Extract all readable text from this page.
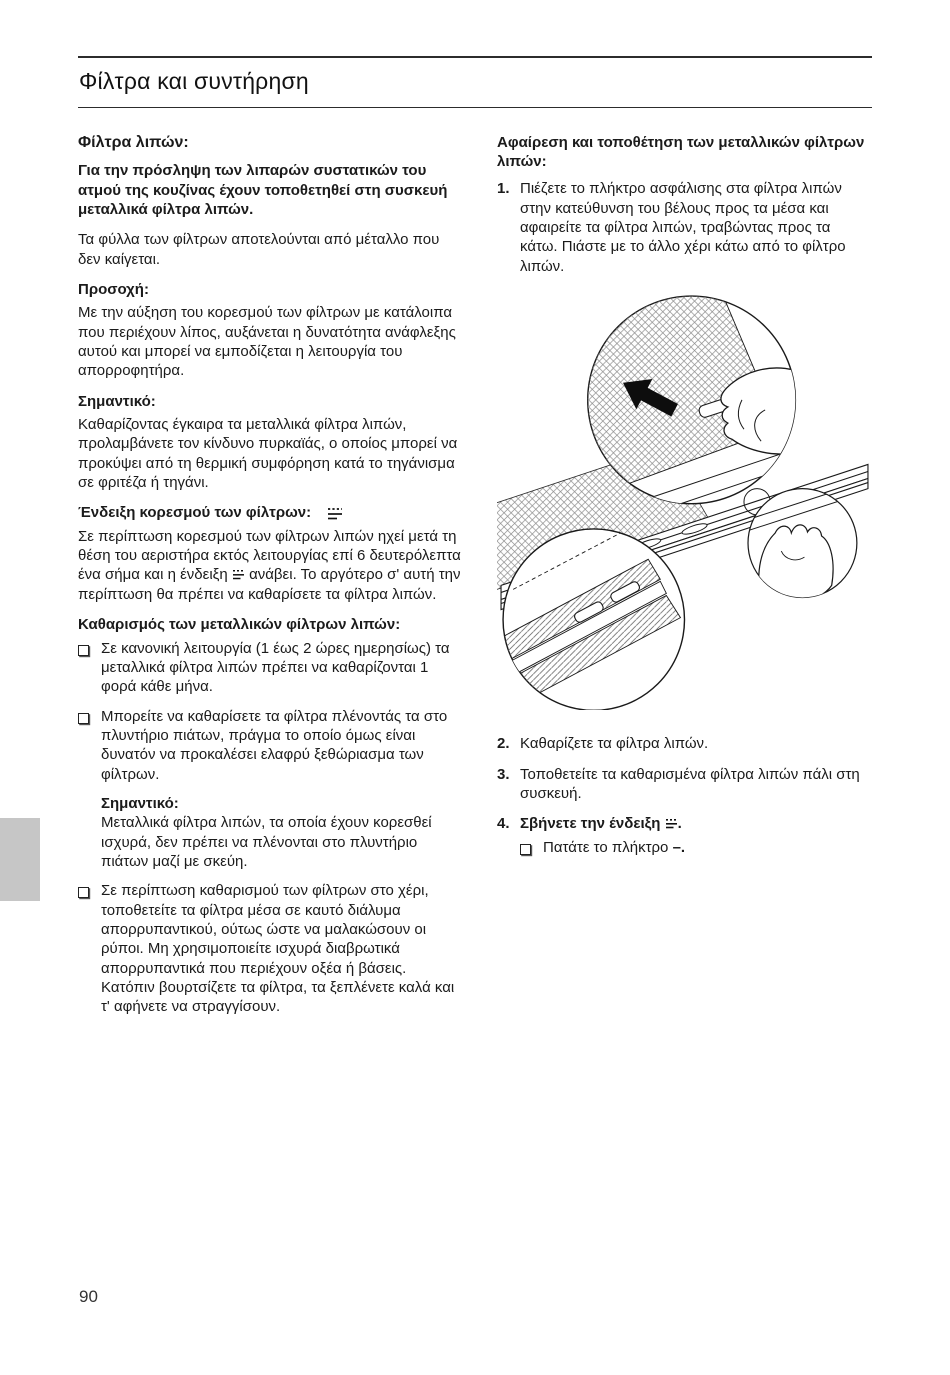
Φίλτρα και συντήρηση
Φίλτρα λιπών:

Για την πρόσληψη των λιπαρών συστατικών του ατμού της κουζίνας έχουν τοποθετηθεί στη συσκευή μεταλλικά φίλτρα λιπών.

Τα φύλλα των φίλτρων αποτελούνται από μέταλλο που δεν καίγεται.

Προσοχή:

Με την αύξηση του κορεσμού των φίλτρων με κατάλοιπα που περιέχουν λίπος, αυξάνεται η δυνατότητα ανάφλεξης αυτού και μπορεί να εμποδίζεται η λειτουργία του απορροφητήρα.

Σημαντικό:

Καθαρίζοντας έγκαιρα τα μεταλλικά φίλτρα λιπών, προλαμβάνετε τον κίνδυνο πυρκαϊάς, ο οποίος μπορεί να προκύψει από τη θερμική συμφόρηση κατά το τηγάνισμα σε φριτέζα ή τηγάνι.

Ένδειξη κορεσμού των φίλτρων:

Σε περίπτωση κορεσμού των φίλτρων λιπών ηχεί μετά τη θέση του αεριστήρα εκτός λειτουργίας επί 6 δευτερόλεπτα ένα σήμα και η ένδειξη ανάβει. Το αργότερο σ' αυτή την περίπτωση θα πρέπει να καθαρίσετε τα φίλτρα λιπών.

Καθαρισμός των μεταλλικών φίλτρων λιπών:
Σε κανονική λειτουργία (1 έως 2 ώρες ημερησίως) τα μεταλλικά φίλτρα λιπών πρέπει να καθαρίζονται 1 φορά κάθε μήνα.
Μπορείτε να καθαρίσετε τα φίλτρα πλένοντάς τα στο πλυντήριο πιάτων, πράγμα το οποίο όμως είναι δυνατόν να προκαλέσει ελαφρύ ξεθώριασμα των φίλτρων.
Σημαντικό:
Μεταλλικά φίλτρα λιπών, τα οποία έχουν κορεσθεί ισχυρά, δεν πρέπει να πλένονται στο πλυντήριο πιάτων μαζί με σκεύη.
Σε περίπτωση καθαρισμού των φίλτρων στο χέρι, τοποθετείτε τα φίλτρα μέσα σε καυτό διάλυμα απορρυπαντικού, ούτως ώστε να μαλακώσουν οι ρύποι. Μη χρησιμοποιείτε ισχυρά διαβρωτικά απορρυπαντικά που περιέχουν οξέα ή βάσεις. Κατόπιν βουρτσίζετε τα φίλτρα, τα ξεπλένετε καλά και τ' αφήνετε να στραγγίσουν.
Αφαίρεση και τοποθέτηση των μεταλλικών φίλτρων λιπών:
1. Πιέζετε το πλήκτρο ασφάλισης στα φίλτρα λιπών στην κατεύθυνση του βέλους προς τα μέσα και αφαιρείτε τα φίλτρα λιπών, τραβώντας προς τα κάτω. Πιάστε με το άλλο χέρι κάτω από το φίλτρο λιπών.
2. Καθαρίζετε τα φίλτρα λιπών.
3. Τοποθετείτε τα καθαρισμένα φίλτρα λιπών πάλι στη συσκευή.
4. Σβήνετε την ένδειξη .
Πατάτε το πλήκτρο –.
90
